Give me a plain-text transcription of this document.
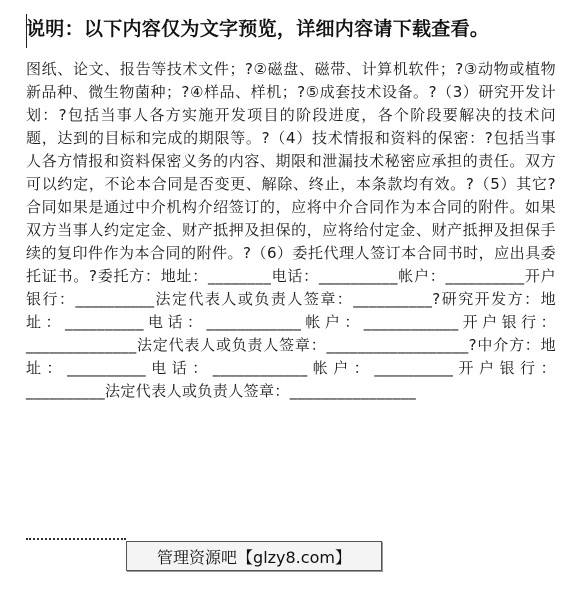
说明：以下内容仅为文字预览，详细内容请下载查看。

图纸、论文、报告等技术文件；?②磁盘、磁带、计算机软件；?③动物或植物新品种、微生物菌种；?④样品、样机；?⑤成套技术设备。?（3）研究开发计划：?包括当事人各方实施开发项目的阶段进度，各个阶段要解决的技术问题，达到的目标和完成的期限等。?（4）技术情报和资料的保密：?包括当事人各方情报和资料保密义务的内容、期限和泄漏技术秘密应承担的责任。双方可以约定，不论本合同是否变更、解除、终止，本条款均有效。?（5）其它?合同如果是通过中介机构介绍签订的，应将中介合同作为本合同的附件。如果双方当事人约定定金、财产抵押及担保的，应将给付定金、财产抵押及担保手续的复印件作为本合同的附件。?（6）委托代理人签订本合同书时，应出具委托证书。?委托方：地址：________电话：__________帐户：__________开户银行：__________法定代表人或负责人签章：__________?研究开发方：地址：__________电话：____________帐户：____________开户银行：______________法定代表人或负责人签章：__________________?中介方：地址：__________电话：____________帐户：__________开户银行：__________法定代表人或负责人签章：________________

管理资源吧【glzy8.com】
